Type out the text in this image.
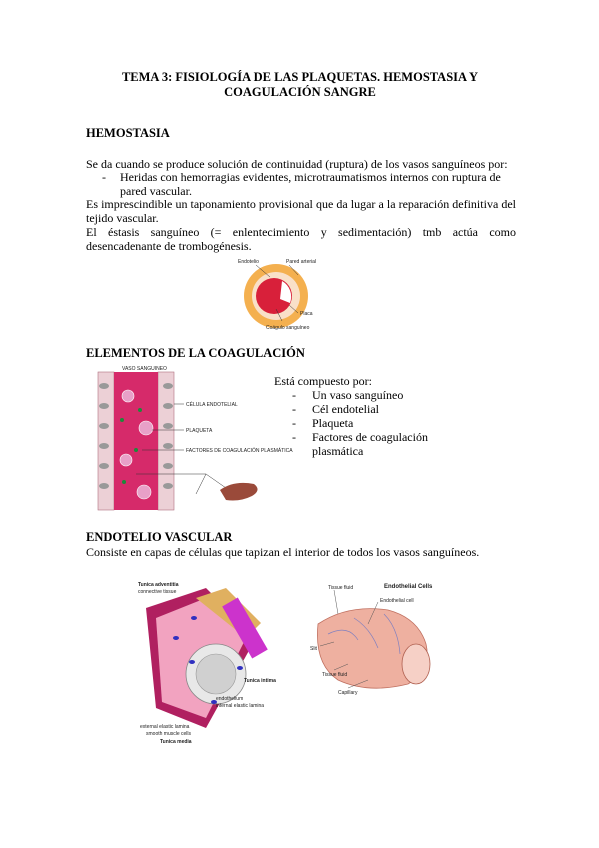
TEMA 3: FISIOLOGÍA DE LAS PLAQUETAS. HEMOSTASIA Y
COAGULACIÓN SANGRE
HEMOSTASIA
Se da cuando se produce solución de continuidad (ruptura) de los vasos sanguíneos por:
- Heridas con hemorragias evidentes, microtraumatismos internos con ruptura de pared vascular.
Es imprescindible un taponamiento provisional que da lugar a la reparación definitiva del tejido vascular.
El éstasis sanguíneo (= enlentecimiento y sedimentación) tmb actúa como desencadenante de trombogénesis.
Endotelio	Pared arterial
Placa
Coágulo sanguíneo
ELEMENTOS DE LA COAGULACIÓN
VASO SANGUINEO
CÉLULA ENDOTELIAL
PLAQUETA
FACTORES DE COAGULACIÓN PLASMÁTICA
Está compuesto por:
- Un vaso sanguíneo
- Cél endotelial
- Plaqueta
- Factores de coagulación plasmática
ENDOTELIO VASCULAR
Consiste en capas de células que tapizan el interior de todos los vasos sanguíneos.
Tunica adventitia
connective tissue
Tunica intima
endothelium
internal elastic lamina
external elastic lamina
smooth muscle cells
Tunica media
Tissue fluid	Endothelial Cells
Endothelial cell
Slit
Tissue fluid
Capillary
